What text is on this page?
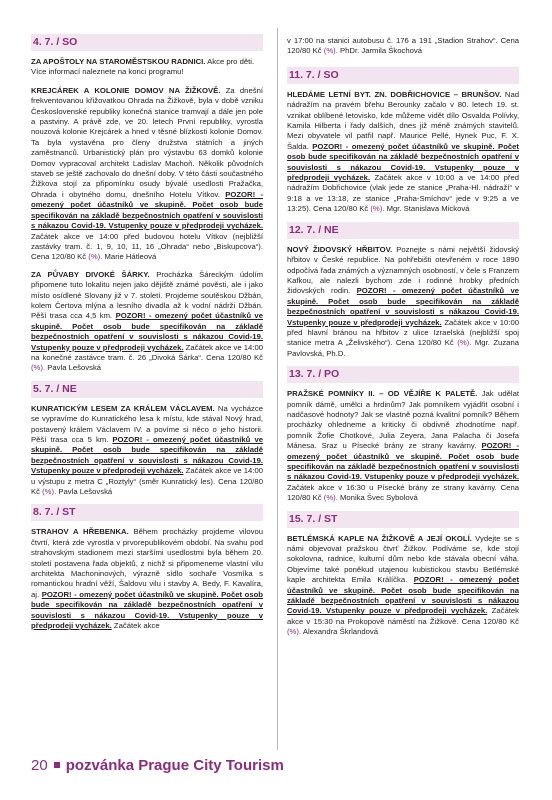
4. 7. / SO

ZA APOŠTOLY NA STAROMĚSTSKOU RADNICI. Akce pro děti. Více informací naleznete na konci programu!

KREJCÁREK A KOLONIE DOMOV NA ŽIŽKOVĚ. Za dnešní frekventovanou křižovatkou Ohrada na Žižkově, byla v době vzniku Československé republiky konečná stanice tramvají a dále jen pole a pastviny. A právě zde, ve 20. letech První republiky, vyrostla nouzová kolonie Krejcárek a hned v těsné blízkosti kolonie Domov. Ta byla vystavěna pro členy družstva státních a jiných zaměstnanců. Urbanistický plán pro výstavbu 63 domků kolonie Domov vypracoval architekt Ladislav Machoň. Několik původních staveb se ještě zachovalo do dnešní doby. V této části součastného Žižkova stojí za připomínku osudy bývalé usedlosti Pražačka, Ohrada i obytného domu, dnešního Hotelu Vítkov. POZOR! - omezený počet účastníků ve skupině. Počet osob bude specifikován na základě bezpečnostních opatření v souvislosti s nákazou Covid-19. Vstupenky pouze v předprodeji vycházek. Začátek akce ve 14:00 před budovou hotelu Vítkov (nejbližší zastávky tram. č. 1, 9, 10, 11, 16 „Ohrada“ nebo „Biskupcova“). Cena 120/80 Kč (%). Marie Hátleová

ZA PŮVABY DIVOKÉ ŠÁRKY. Procházka Šáreckým údolím připomene tuto lokalitu nejen jako dějiště známé pověsti, ale i jako místo osídlené Slovany již v 7. století. Projdeme soutěskou Džbán, kolem Čertova mlýna a lesního divadla až k vodní nádrži Džbán. Pěší trasa cca 4,5 km. POZOR! - omezený počet účastníků ve skupině. Počet osob bude specifikován na základě bezpečnostních opatření v souvislosti s nákazou Covid-19. Vstupenky pouze v předprodeji vycházek. Začátek akce ve 14:00 na konečné zastávce tram. č. 26 „Divoká Šárka“. Cena 120/80 Kč (%). Pavla Lešovská

5. 7. / NE

KUNRATICKÝM LESEM ZA KRÁLEM VÁCLAVEM. Na vycházce se vypravíme do Kunratického lesa k místu, kde stával Nový hrad, postavený králem Václavem IV. a povíme si něco o jeho historii. Pěší trasa cca 5 km. POZOR! - omezený počet účastníků ve skupině. Počet osob bude specifikován na základě bezpečnostních opatření v souvislosti s nákazou Covid-19. Vstupenky pouze v předprodeji vycházek. Začátek akce ve 14:00 u výstupu z metra C „Roztyly“ (směr Kunratický les). Cena 120/80 Kč (%). Pavla Lešovská

8. 7. / ST

STRAHOV A HŘEBENKA. Během procházky projdeme vilovou čtvrtí, která zde vyrostla v prvorepublikovém období. Na svahu pod strahovským stadionem mezi staršími usedlostmi byla během 20. století postavena řada objektů, z nichž si připomeneme vlastní vilu architekta Machoninových, výrazně sídlo sochaře Vosmíka s romantickou hradní věží, Šaldovu vilu i stavby A. Bedy, F. Kavalíra, aj. POZOR! - omezený počet účastníků ve skupině. Počet osob bude specifikován na základě bezpečnostních opatření v souvislosti s nákazou Covid-19. Vstupenky pouze v předprodeji vycházek. Začátek akce

v 17:00 na stanici autobusu č. 176 a 191 „Stadion Strahov“. Cena 120/80 Kč (%). PhDr. Jarmila Škochová

11. 7. / SO

HLEDÁME LETNÍ BYT. ZN. DOBŘICHOVICE – BRUNŠOV. Nad nádražím na pravém břehu Berounky začalo v 80. letech 19. st. vznikat oblíbené letovisko, kde můžeme vidět dílo Osvalda Polívky, Kamila Hilberta i řady dalších, dnes již méně známých stavitelů. Mezi obyvatele vil patřil např. Maurice Pellé, Hynek Puc, F. X. Šalda. POZOR! - omezený počet účastníků ve skupině. Počet osob bude specifikován na základě bezpečnostních opatření v souvislosti s nákazou Covid-19. Vstupenky pouze v předprodeji vycházek. Začátek akce v 10:00 a ve 14:00 před nádražím Dobřichovice (vlak jede ze stanice „Praha-Hl. nádraží“ v 9:18 a ve 13:18, ze stanice „Praha-Smíchov“ jede v 9:25 a ve 13:25). Cena 120/80 Kč (%). Mgr. Stanislava Micková

12. 7. / NE

NOVÝ ŽIDOVSKÝ HŘBITOV. Poznejte s námi největší židovský hřbitov v České republice. Na pohřebišti otevřeném v roce 1890 odpočívá řada známých a významných osobností, v čele s Franzem Kafkou, ale nalezli bychom zde i rodinné hrobky předních židovských rodin. POZOR! - omezený počet účastníků ve skupině. Počet osob bude specifikován na základě bezpečnostních opatření v souvislosti s nákazou Covid-19. Vstupenky pouze v předprodeji vycházek. Začátek akce v 10:00 před hlavní bránou na hřbitov z ulice Izraelská (nejbližší spoj stanice metra A „Želivského“). Cena 120/80 Kč (%). Mgr. Zuzana Pavlovská, Ph.D.

13. 7. / PO

PRAŽSKÉ POMNÍKY II. – OD VĚJÍŘE K PALETĚ. Jak udělat pomník dámě, umělci a hrdinům? Jak pomníkem vyjádřit osobní i nadčasové hodnoty? Jak se vlastně pozná kvalitní pomník? Během procházky ohledneme a kriticky či obdivně zhodnotíme např. pomník Žofie Chotkové, Julia Zeyera, Jana Palacha či Josefa Mánesa. Sraz u Písecké brány ze strany kavárny. POZOR! - omezený počet účastníků ve skupině. Počet osob bude specifikován na základě bezpečnostních opatření v souvislosti s nákazou Covid-19. Vstupenky pouze v předprodeji vycházek. Začátek akce v 16:30 u Písecké brány ze strany kavárny. Cena 120/80 Kč (%). Monika Švec Sybolová

15. 7. / ST

BETLÉMSKÁ KAPLE NA ŽIŽKOVĚ A JEJÍ OKOLÍ. Vydejte se s námi objevovat pražskou čtvrť Žižkov. Podíváme se, kde stojí sokolovna, radnice, kulturní dům nebo kde stávala obecní váha. Objevíme také poněkud utajenou kubistickou stavbu Betlémské kaple architekta Emila Králíčka. POZOR! - omezený počet účastníků ve skupině. Počet osob bude specifikován na základě bezpečnostních opatření v souvislosti s nákazou Covid-19. Vstupenky pouze v předprodeji vycházek. Začátek akce v 15:30 na Prokopově náměstí na Žižkově. Cena 120/80 Kč (%). Alexandra Škrlandová

20 pozvánka Prague City Tourism
